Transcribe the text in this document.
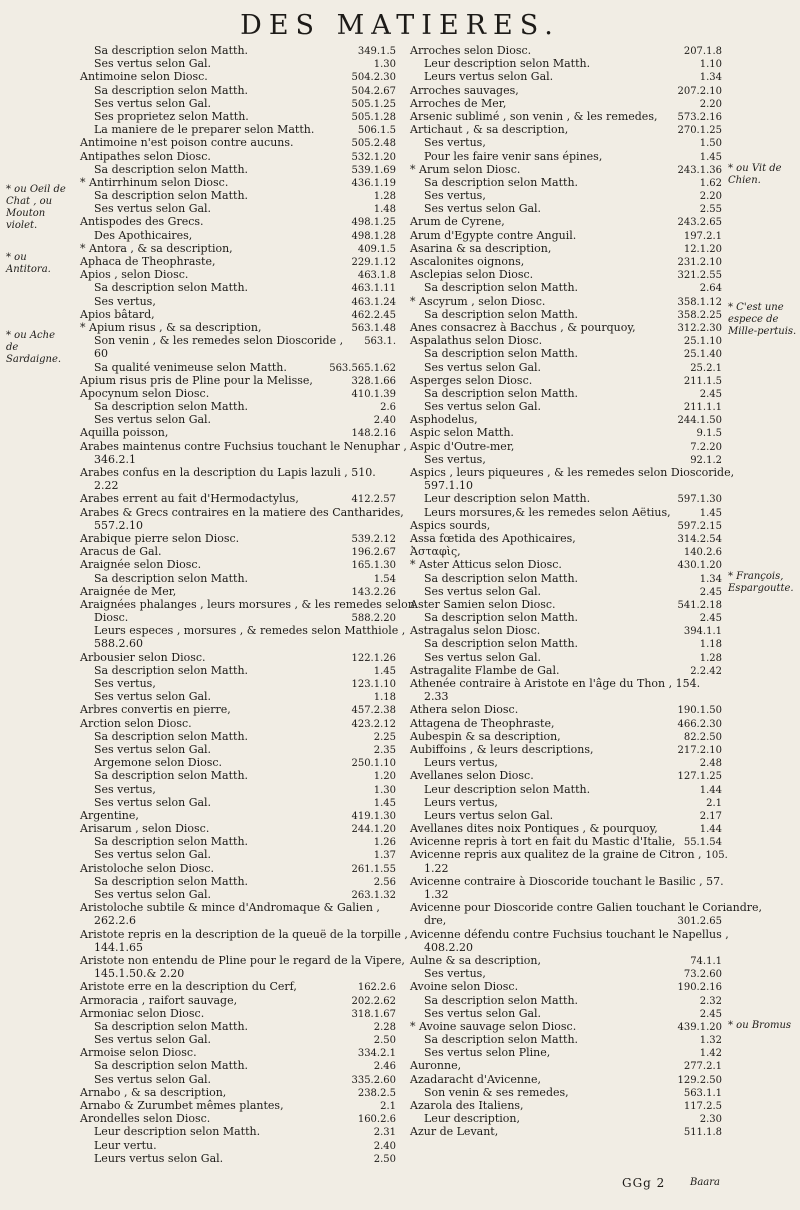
DES MATIERES.
Sa description selon Matth.	349.1.5
Ses vertus selon Gal.	1.30
Antimoine selon Diosc.	504.2.30
Sa description selon Matth.	504.2.67
Ses vertus selon Gal.	505.1.25
Ses proprietez selon Matth.	505.1.28
La maniere de le preparer selon Matth.	506.1.5
Antimoine n'est poison contre aucuns.	505.2.48
Antipathes selon Diosc.	532.1.20
Sa description selon Matth.	539.1.69
* Antirrhinum selon Diosc.	436.1.19
Sa description selon Matth.	1.28
Ses vertus selon Gal.	1.48
Antispodes des Grecs.	498.1.25
Des Apothicaires,	498.1.28
* Antora , & sa description,	409.1.5
Aphaca de Theophraste,	229.1.12
Apios , selon Diosc.	463.1.8
Sa description selon Matth.	463.1.11
Ses vertus,	463.1.24
Apios bâtard,	462.2.45
* Apium risus , & sa description,	563.1.48
Son venin , & les remedes selon Dioscoride ,	563.1.
60
Sa qualité venimeuse selon Matth.	563.565.1.62
Apium risus pris de Pline pour la Melisse,	328.1.66
Apocynum selon Diosc.	410.1.39
Sa description selon Matth.	2.6
Ses vertus selon Gal.	2.40
Aquilla poisson,	148.2.16
Arabes maintenus contre Fuchsius touchant le Nenuphar ,
346.2.1
Arabes confus en la description du Lapis lazuli , 510.
2.22
Arabes errent au fait d'Hermodactylus,	412.2.57
Arabes & Grecs contraires en la matiere des Cantharides,
557.2.10
Arabique pierre selon Diosc.	539.2.12
Aracus de Gal.	196.2.67
Araignée selon Diosc.	165.1.30
Sa description selon Matth.	1.54
Araignée de Mer,	143.2.26
Araignées phalanges , leurs morsures , & les remedes selon
Diosc.	588.2.20
Leurs especes , morsures , & remedes selon Matthiole ,
588.2.60
Arbousier selon Diosc.	122.1.26
Sa description selon Matth.	1.45
Ses vertus,	123.1.10
Ses vertus selon Gal.	1.18
Arbres convertis en pierre,	457.2.38
Arction selon Diosc.	423.2.12
Sa description selon Matth.	2.25
Ses vertus selon Gal.	2.35
Argemone selon Diosc.	250.1.10
Sa description selon Matth.	1.20
Ses vertus,	1.30
Ses vertus selon Gal.	1.45
Argentine,	419.1.30
Arisarum , selon Diosc.	244.1.20
Sa description selon Matth.	1.26
Ses vertus selon Gal.	1.37
Aristoloche selon Diosc.	261.1.55
Sa description selon Matth.	2.56
Ses vertus selon Gal.	263.1.32
Aristoloche subtile & mince d'Andromaque & Galien ,
262.2.6
Aristote repris en la description de la queuë de la torpille ,
144.1.65
Aristote non entendu de Pline pour le regard de la Vipere,
145.1.50.& 2.20
Aristote erre en la description du Cerf,	162.2.6
Armoracia , raifort sauvage,	202.2.62
Armoniac selon Diosc.	318.1.67
Sa description selon Matth.	2.28
Ses vertus selon Gal.	2.50
Armoise selon Diosc.	334.2.1
Sa description selon Matth.	2.46
Ses vertus selon Gal.	335.2.60
Arnabo , & sa description,	238.2.5
Arnabo & Zurumbet mêmes plantes,	2.1
Arondelles selon Diosc.	160.2.6
Leur description selon Matth.	2.31
Leur vertu.	2.40
Leurs vertus selon Gal.	2.50
Arroches selon Diosc.	207.1.8
Leur description selon Matth.	1.10
Leurs vertus selon Gal.	1.34
Arroches sauvages,	207.2.10
Arroches de Mer,	2.20
Arsenic sublimé , son venin , & les remedes,	573.2.16
Artichaut , & sa description,	270.1.25
Ses vertus,	1.50
Pour les faire venir sans épines,	1.45
* Arum selon Diosc.	243.1.36
Sa description selon Matth.	1.62
Ses vertus,	2.20
Ses vertus selon Gal.	2.55
Arum de Cyrene,	243.2.65
Arum d'Egypte contre Anguil.	197.2.1
Asarina & sa description,	12.1.20
Ascalonites oignons,	231.2.10
Asclepias selon Diosc.	321.2.55
Sa description selon Matth.	2.64
* Ascyrum , selon Diosc.	358.1.12
Sa description selon Matth.	358.2.25
Anes consacrez à Bacchus , & pourquoy,	312.2.30
Aspalathus selon Diosc.	25.1.10
Sa description selon Matth.	25.1.40
Ses vertus selon Gal.	25.2.1
Asperges selon Diosc.	211.1.5
Sa description selon Matth.	2.45
Ses vertus selon Gal.	211.1.1
Asphodelus,	244.1.50
Aspic selon Matth.	9.1.5
Aspic d'Outre-mer,	7.2.20
Ses vertus,	92.1.2
Aspics , leurs piqueures , & les remedes selon Dioscoride,
597.1.10
Leur description selon Matth.	597.1.30
Leurs morsures,& les remedes selon Aëtius,	1.45
Aspics sourds,	597.2.15
Assa fœtida des Apothicaires,	314.2.54
Ἀσταφὶς,	140.2.6
* Aster Atticus selon Diosc.	430.1.20
Sa description selon Matth.	1.34
Ses vertus selon Gal.	2.45
Aster Samien selon Diosc.	541.2.18
Sa description selon Matth.	2.45
Astragalus selon Diosc.	394.1.1
Sa description selon Matth.	1.18
Ses vertus selon Gal.	1.28
Astragalite Flambe de Gal.	2.2.42
Athenée contraire à Aristote en l'âge du Thon , 154.
2.33
Athera selon Diosc.	190.1.50
Attagena de Theophraste,	466.2.30
Aubespin & sa description,	82.2.50
Aubiffoins , & leurs descriptions,	217.2.10
Leurs vertus,	2.48
Avellanes selon Diosc.	127.1.25
Leur description selon Matth.	1.44
Leurs vertus,	2.1
Leurs vertus selon Gal.	2.17
Avellanes dites noix Pontiques , & pourquoy,	1.44
Avicenne repris à tort en fait du Mastic d'Italie, 55.1.54
Avicenne repris aux qualitez de la graine de Citron , 105.
1.22
Avicenne contraire à Dioscoride touchant le Basilic , 57.
1.32
Avicenne pour Dioscoride contre Galien touchant le Coriandre,
dre,	301.2.65
Avicenne défendu contre Fuchsius touchant le Napellus ,
408.2.20
Aulne & sa description,	74.1.1
Ses vertus,	73.2.60
Avoine selon Diosc.	190.2.16
Sa description selon Matth.	2.32
Ses vertus selon Gal.	2.45
* Avoine sauvage selon Diosc.	439.1.20
Sa description selon Matth.	1.32
Ses vertus selon Pline,	1.42
Auronne,	277.2.1
Azadaracht d'Avicenne,	129.2.50
Son venin & ses remedes,	563.1.1
Azarola des Italiens,	117.2.5
Leur description,	2.30
Azur de Levant,	511.1.8
* ou Oeil de Chat , ou Mouton violet.
* ou Antitora.
* ou Ache de Sardaigne.
* ou Vit de Chien.
* C'est une espece de Mille-pertuis.
* François, Espargoutte.
* ou Bromus
GGg 2 Baara
